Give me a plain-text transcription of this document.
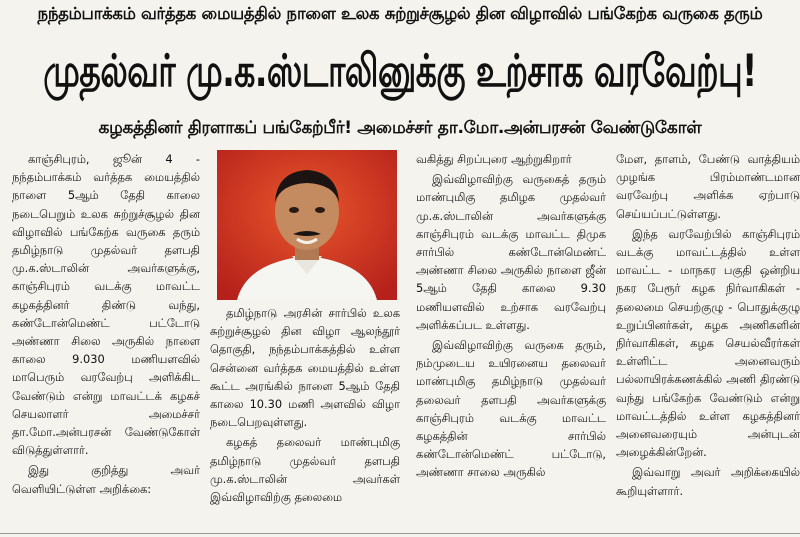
நந்தம்பாக்கம் வர்த்தக மையத்தில் நாளை உலக சுற்றுச்சூழல் தின விழாவில் பங்கேற்க வருகை தரும்
முதல்வர் மு.க.ஸ்டாலினுக்கு உற்சாக வரவேற்பு!
கழகத்தினர் திரளாகப் பங்கேற்பீர்! அமைச்சர் தா.மோ.அன்பரசன் வேண்டுகோள்

காஞ்சிபுரம், ஜூன் 4 - நந்தம்பாக்கம் வர்த்தக மையத்தில் நாளை 5ஆம் தேதி காலை நடைபெறும் உலக சுற்றுச்சூழல் தின விழாவில் பங்கேற்க வருகை தரும் தமிழ்நாடு முதல்வர் தளபதி மு.க.ஸ்டாலின் அவர்களுக்கு, காஞ்சிபுரம் வடக்கு மாவட்ட கழகத்தினர் திண்டு வந்து, கண்டோன்மெண்ட் பட்டோடு அண்ணா சிலை அருகில் நாளை காலை 9.030 மணியளவில் மாபெரும் வரவேற்பு அளிக்கிட வேண்டும் என்று மாவட்டக் கழகச் செயலாளர் அமைச்சர் தா.மோ.அன்பரசன் வேண்டுகோள் விடுத்துள்ளார்.

இது குறித்து அவர் வெளியிட்டுள்ள அறிக்கை:

தமிழ்நாடு அரசின் சார்பில் உலக சுற்றுச்சூழல் தின விழா ஆலந்தூர் தொகுதி, நந்தம்பாக்கத்தில் உள்ள சென்னை வர்த்தக மையத்தில் உள்ள கூட்ட அரங்கில் நாளை 5ஆம் தேதி காலை 10.30 மணி அளவில் விழா நடைபெறவுள்ளது.

கழகத் தலைவர் மாண்புமிகு தமிழ்நாடு முதல்வர் தளபதி மு.க.ஸ்டாலின் அவர்கள் இவ்விழாவிற்கு தலைமை

வகித்து சிறப்புரை ஆற்றுகிறார்

இவ்விழாவிற்கு வருகைத் தரும் மாண்புமிகு தமிழக முதல்வர் மு.க.ஸ்டாலின் அவர்களுக்கு காஞ்சிபுரம் வடக்கு மாவட்ட திமுக சார்பில் கண்டோன்மெண்ட் அண்ணா சிலை அருகில் நாளை ஜீன் 5ஆம் தேதி காலை 9.30 மணியளவில் உற்சாக வரவேற்பு அளிக்கப்பட உள்ளது.

இவ்விழாவிற்கு வருகை தரும், நம்முடைய உயிரனைய தலைவர் மாண்புமிகு தமிழ்நாடு முதல்வர் தலைவர் தளபதி அவர்களுக்கு காஞ்சிபுரம் வடக்கு மாவட்ட கழகத்தின் சார்பில் கண்டோன்மெண்ட் பட்டோடு, அண்ணா சாலை அருகில்

மேள, தாளம், பேண்டு வாத்தியம் முழங்க பிரம்மாண்டமான வரவேற்பு அளிக்க ஏற்பாடு செய்யப்பட்டுள்ளது.

இந்த வரவேற்பில் காஞ்சிபுரம் வடக்கு மாவட்டத்தில் உள்ள மாவட்ட - மாநகர பகுதி ஒன்றிய நகர பேரூர் கழக நிர்வாகிகள் - தலைமை செயற்குழு - பொதுக்குழு உறுப்பினர்கள், கழக அணிகளின் நிர்வாகிகள், கழக செயல்வீரர்கள் உள்ளிட்ட அனைவரும் பல்லாயிரக்கணக்கில் அணி திரண்டு வந்து பங்கேற்க வேண்டும் என்று மாவட்டத்தில் உள்ள கழகத்தினர் அனைவரையும் அன்புடன் அழைக்கின்றேன்.

இவ்வாறு அவர் அறிக்கையில் கூறியுள்ளார்.
